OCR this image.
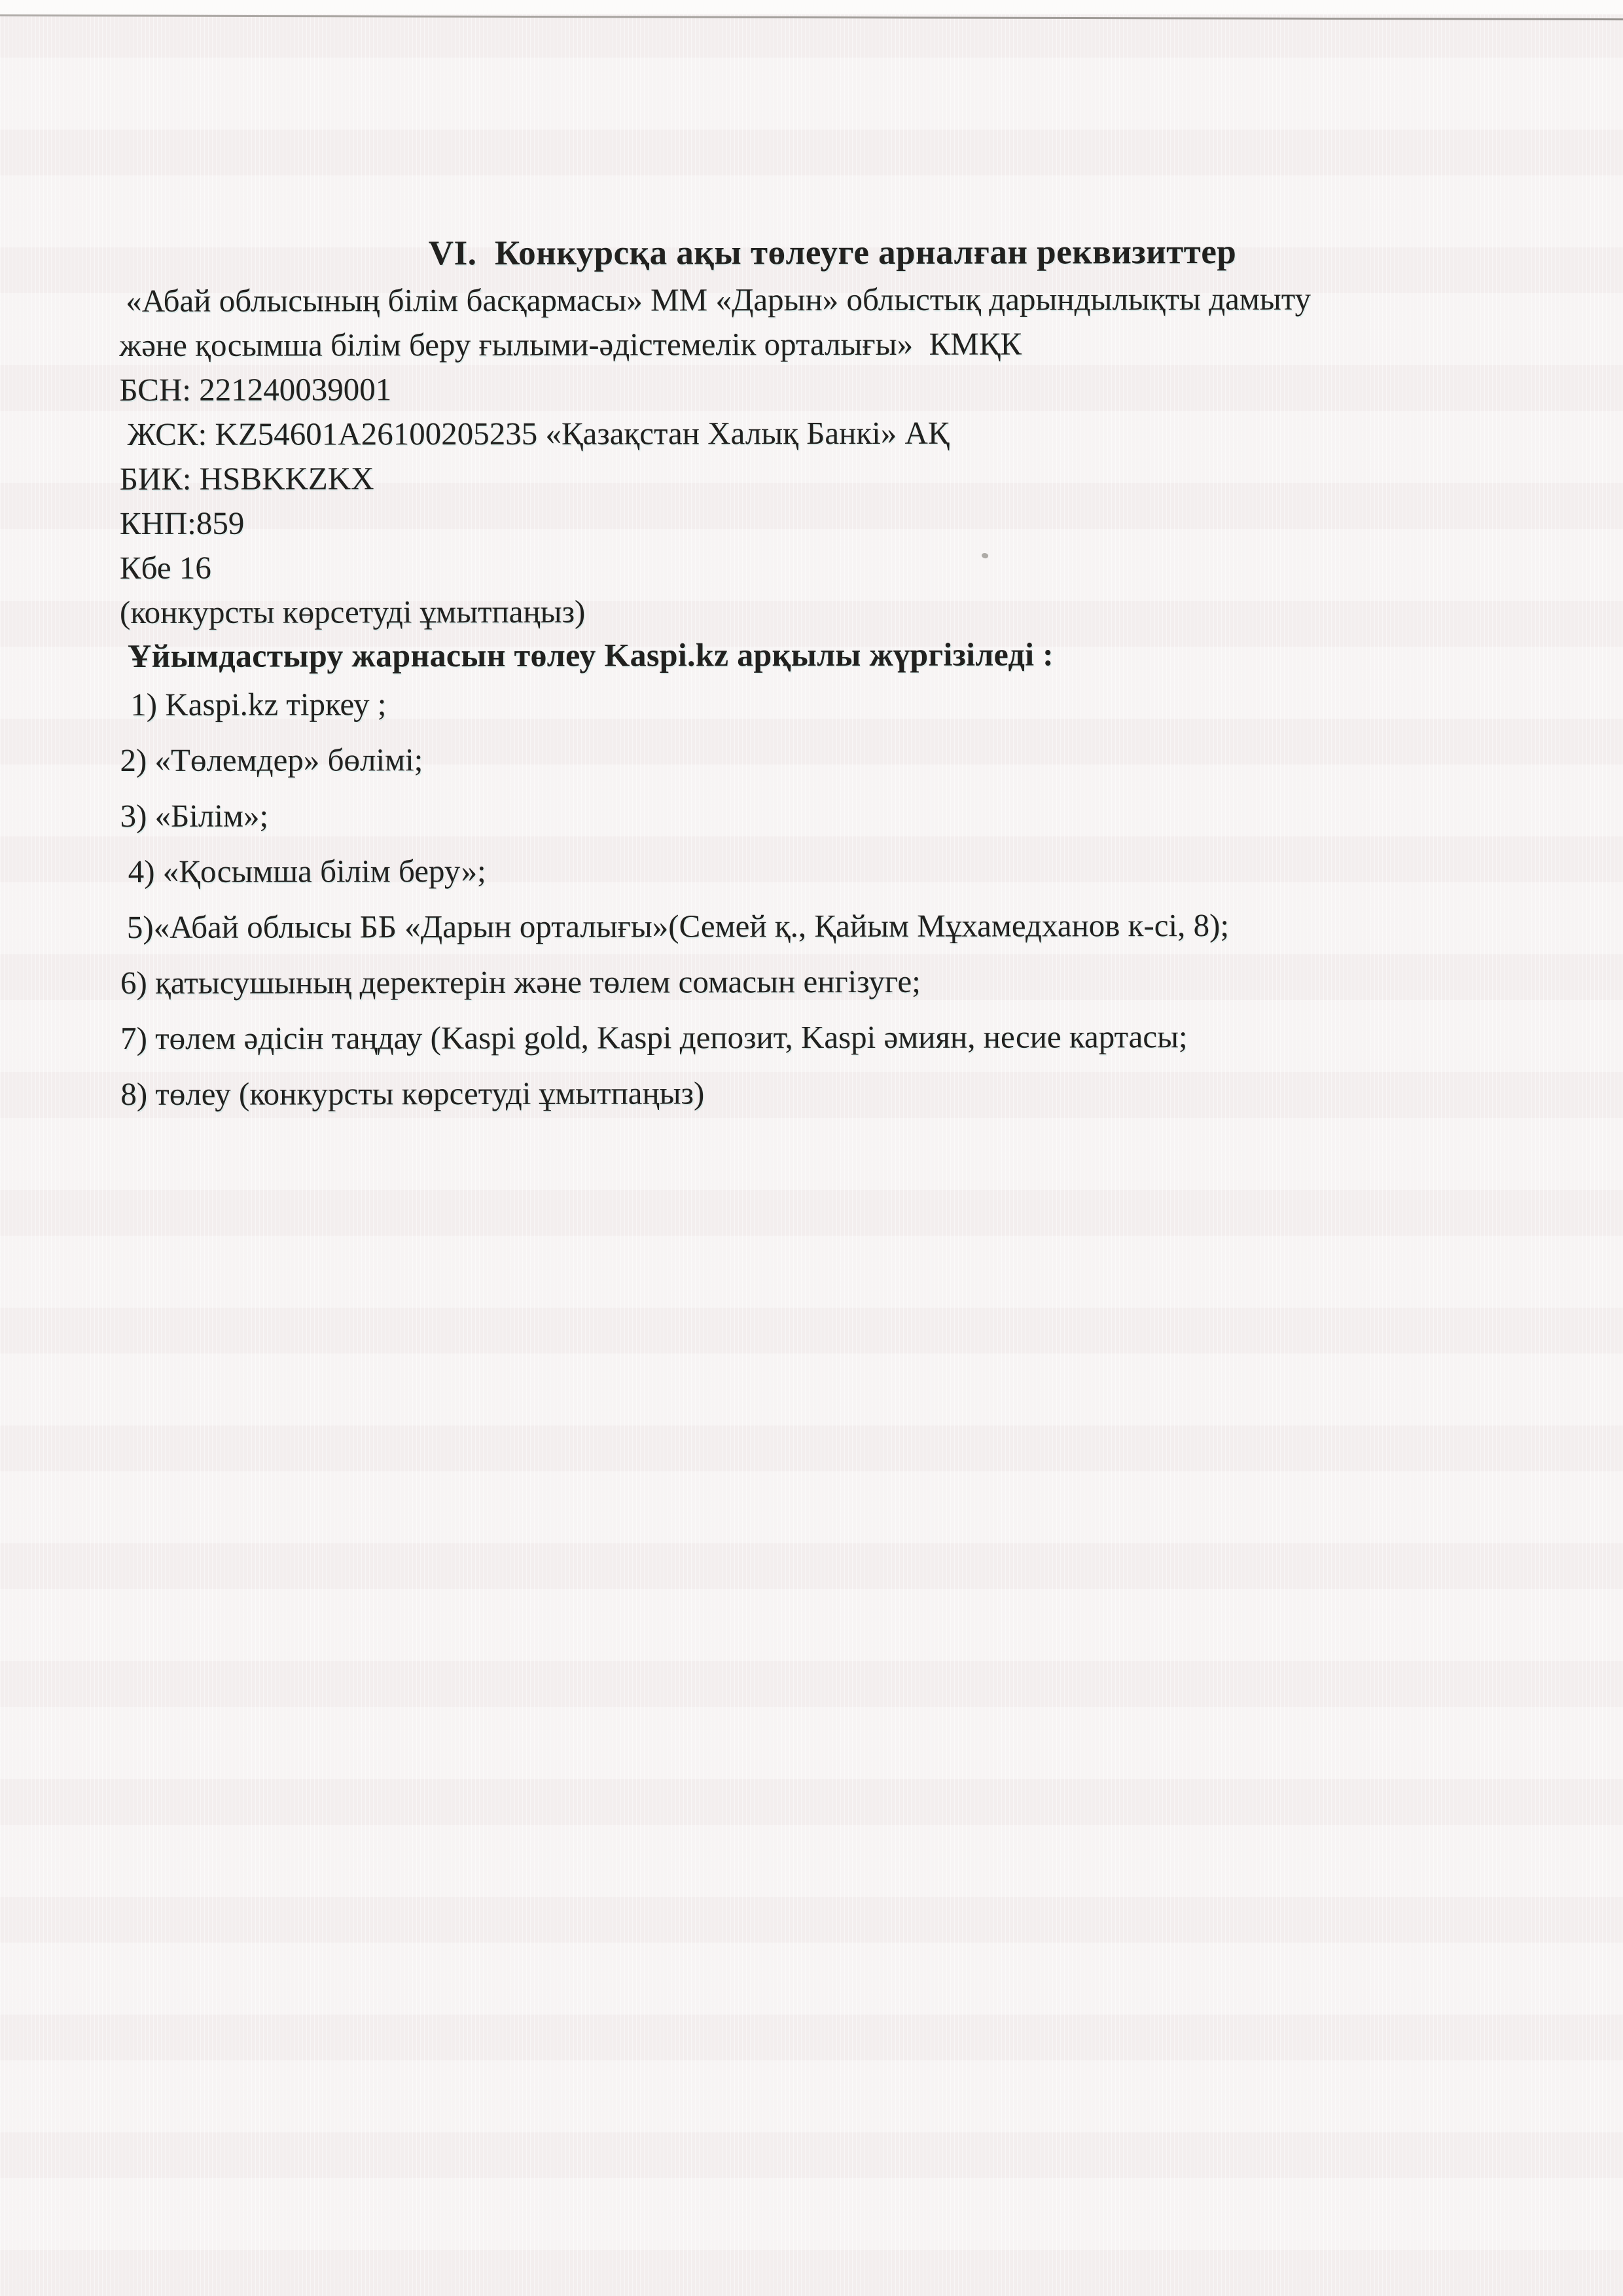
VI.  Конкурсқа ақы төлеуге арналған реквизиттер

«Абай облысының білім басқармасы» ММ «Дарын» облыстық дарындылықты дамыту

және қосымша білім беру ғылыми-әдістемелік орталығы»  КМҚК

БСН: 221240039001

ЖСК: KZ54601A26100205235 «Қазақстан Халық Банкі» АҚ

БИК: HSBKKZKX

КНП:859

Кбе 16

(конкурсты көрсетуді ұмытпаңыз)

Ұйымдастыру жарнасын төлеу Kaspi.kz арқылы жүргізіледі :

1) Kaspi.kz тіркеу ;

2) «Төлемдер» бөлімі;

3) «Білім»;

4) «Қосымша білім беру»;

5)«Абай облысы ББ «Дарын орталығы»(Семей қ., Қайым Мұхамедханов к-сі, 8);

6) қатысушының деректерін және төлем сомасын енгізуге;

7) төлем әдісін таңдау (Kaspi gold, Kaspi депозит, Kaspi әмиян, несие картасы;

8) төлеу (конкурсты көрсетуді ұмытпаңыз)
